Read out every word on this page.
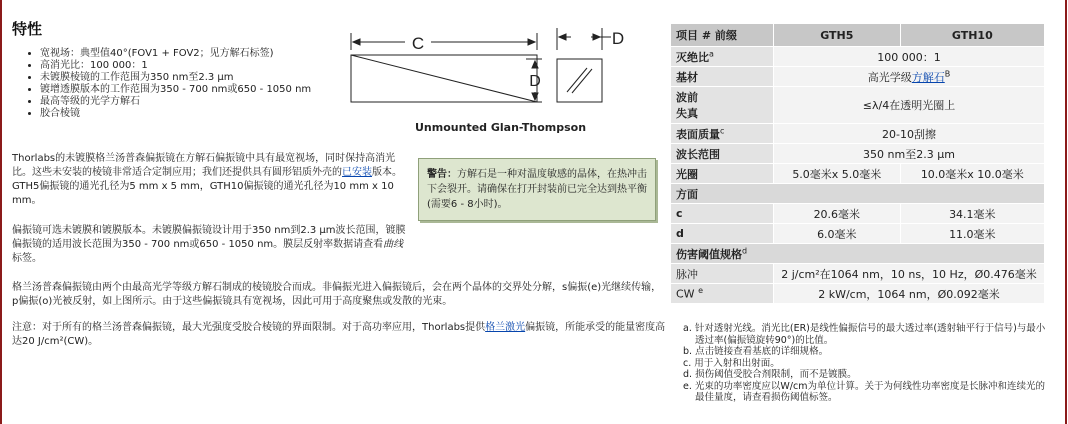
特性
• 宽视场：典型值40°(FOV1 + FOV2；见方解石标签)
• 高消光比：100 000：1
• 未镀膜棱镜的工作范围为350 nm至2.3 µm
• 镀增透膜版本的工作范围为350 - 700 nm或650 - 1050 nm
• 最高等级的光学方解石
• 胶合棱镜

Thorlabs的未镀膜格兰汤普森偏振镜在方解石偏振镜中具有最宽视场，同时保持高消光比。这些未安装的棱镜非常适合定制应用；我们还提供具有圆形铝质外壳的已安装版本。GTH5偏振镜的通光孔径为5 mm x 5 mm，GTH10偏振镜的通光孔径为10 mm x 10 mm。

偏振镜可选未镀膜和镀膜版本。未镀膜偏振镜设计用于350 nm到2.3 µm波长范围，镀膜偏振镜的适用波长范围为350 - 700 nm或650 - 1050 nm。膜层反射率数据请查看曲线标签。

格兰汤普森偏振镜由两个由最高光学等级方解石制成的棱镜胶合而成。非偏振光进入偏振镜后，会在两个晶体的交界处分解，s偏振(e)光继续传输，p偏振(o)光被反射，如上图所示。由于这些偏振镜具有宽视场，因此可用于高度聚焦或发散的光束。

注意：对于所有的格兰汤普森偏振镜，最大光强度受胶合棱镜的界面限制。对于高功率应用，Thorlabs提供格兰激光偏振镜，所能承受的能量密度高达20 J/cm²(CW)。

C	D
D
Unmounted Glan-Thompson
警告：方解石是一种对温度敏感的晶体，在热冲击下会裂开。请确保在打开封装前已完全达到热平衡(需要6 - 8小时)。
项目 # 前缀	GTH5	GTH10
灭绝比$^a$	100 000：1	
基材	高光学级方解石$^B$
波前
失真	≤λ/4在透明光圈上	
表面质量$^c$	20-10刮擦	
波长范围	350 nm至2.3 µm	
光圈	5.0毫米x 5.0毫米	10.0毫米x 10.0毫米
方面		
c	20.6毫米	34.1毫米
d	6.0毫米	11.0毫米
伤害阈值规格$^d$
脉冲	2 j/cm²在1064 nm，10 ns，10 Hz，Ø0.476毫米	
CW $^e$	2 kW/cm，1064 nm，Ø0.092毫米	
a. 针对透射光线。消光比(ER)是线性偏振信号的最大透过率(透射轴平行于信号)与最小透过率(偏振镜旋转90°)的比值。
b. 点击链接查看基底的详细规格。
c. 用于入射和出射面。
d. 损伤阈值受胶合剂限制，而不是镀膜。
e. 光束的功率密度应以W/cm为单位计算。关于为何线性功率密度是长脉冲和连续光的最佳量度，请查看损伤阈值标签。
